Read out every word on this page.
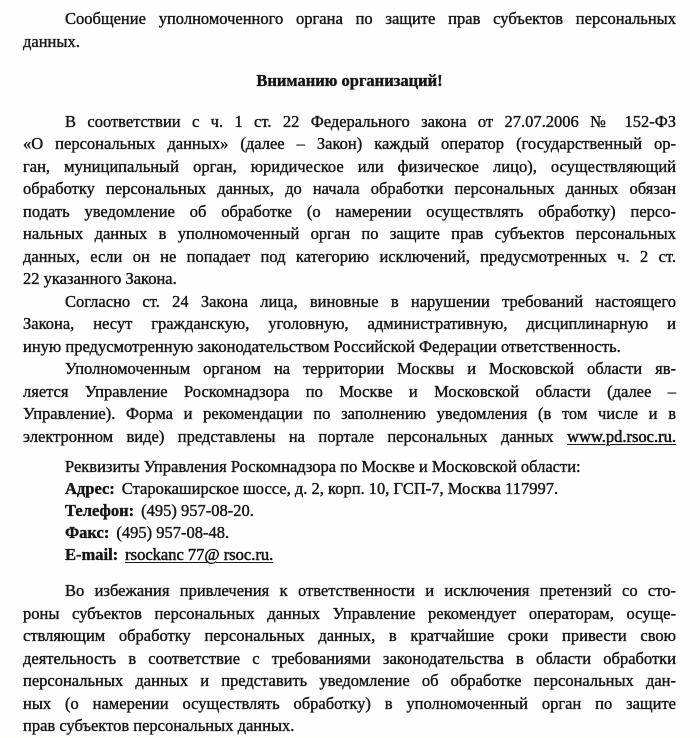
Сообщение уполномоченного органа по защите прав субъектов персональных
данных.
Вниманию организаций!
В соответствии с ч. 1 ст. 22 Федерального закона от 27.07.2006 № 152-ФЗ
«О персональных данных» (далее – Закон) каждый оператор (государственный ор-
ган, муниципальный орган, юридическое или физическое лицо), осуществляющий
обработку персональных данных, до начала обработки персональных данных обязан
подать уведомление об обработке (о намерении осуществлять обработку) персо-
нальных данных в уполномоченный орган по защите прав субъектов персональных
данных, если он не попадает под категорию исключений, предусмотренных ч. 2 ст.
22 указанного Закона.
Согласно ст. 24 Закона лица, виновные в нарушении требований настоящего
Закона, несут гражданскую, уголовную, административную, дисциплинарную и
иную предусмотренную законодательством Российской Федерации ответственность.
Уполномоченным органом на территории Москвы и Московской области яв-
ляется Управление Роскомнадзора по Москве и Московской области (далее –
Управление). Форма и рекомендации по заполнению уведомления (в том числе и в
электронном виде) представлены на портале персональных данных www.pd.rsoc.ru.
Реквизиты Управления Роскомнадзора по Москве и Московской области:
Адрес: Старокаширское шоссе, д. 2, корп. 10, ГСП-7, Москва 117997.
Телефон: (495) 957-08-20.
Факс: (495) 957-08-48.
E-mail: rsockanc 77@ rsoc.ru.
Во избежания привлечения к ответственности и исключения претензий со сто-
роны субъектов персональных данных Управление рекомендует операторам, осуще-
ствляющим обработку персональных данных, в кратчайшие сроки привести свою
деятельность в соответствие с требованиями законодательства в области обработки
персональных данных и представить уведомление об обработке персональных дан-
ных (о намерении осуществлять обработку) в уполномоченный орган по защите
прав субъектов персональных данных.
